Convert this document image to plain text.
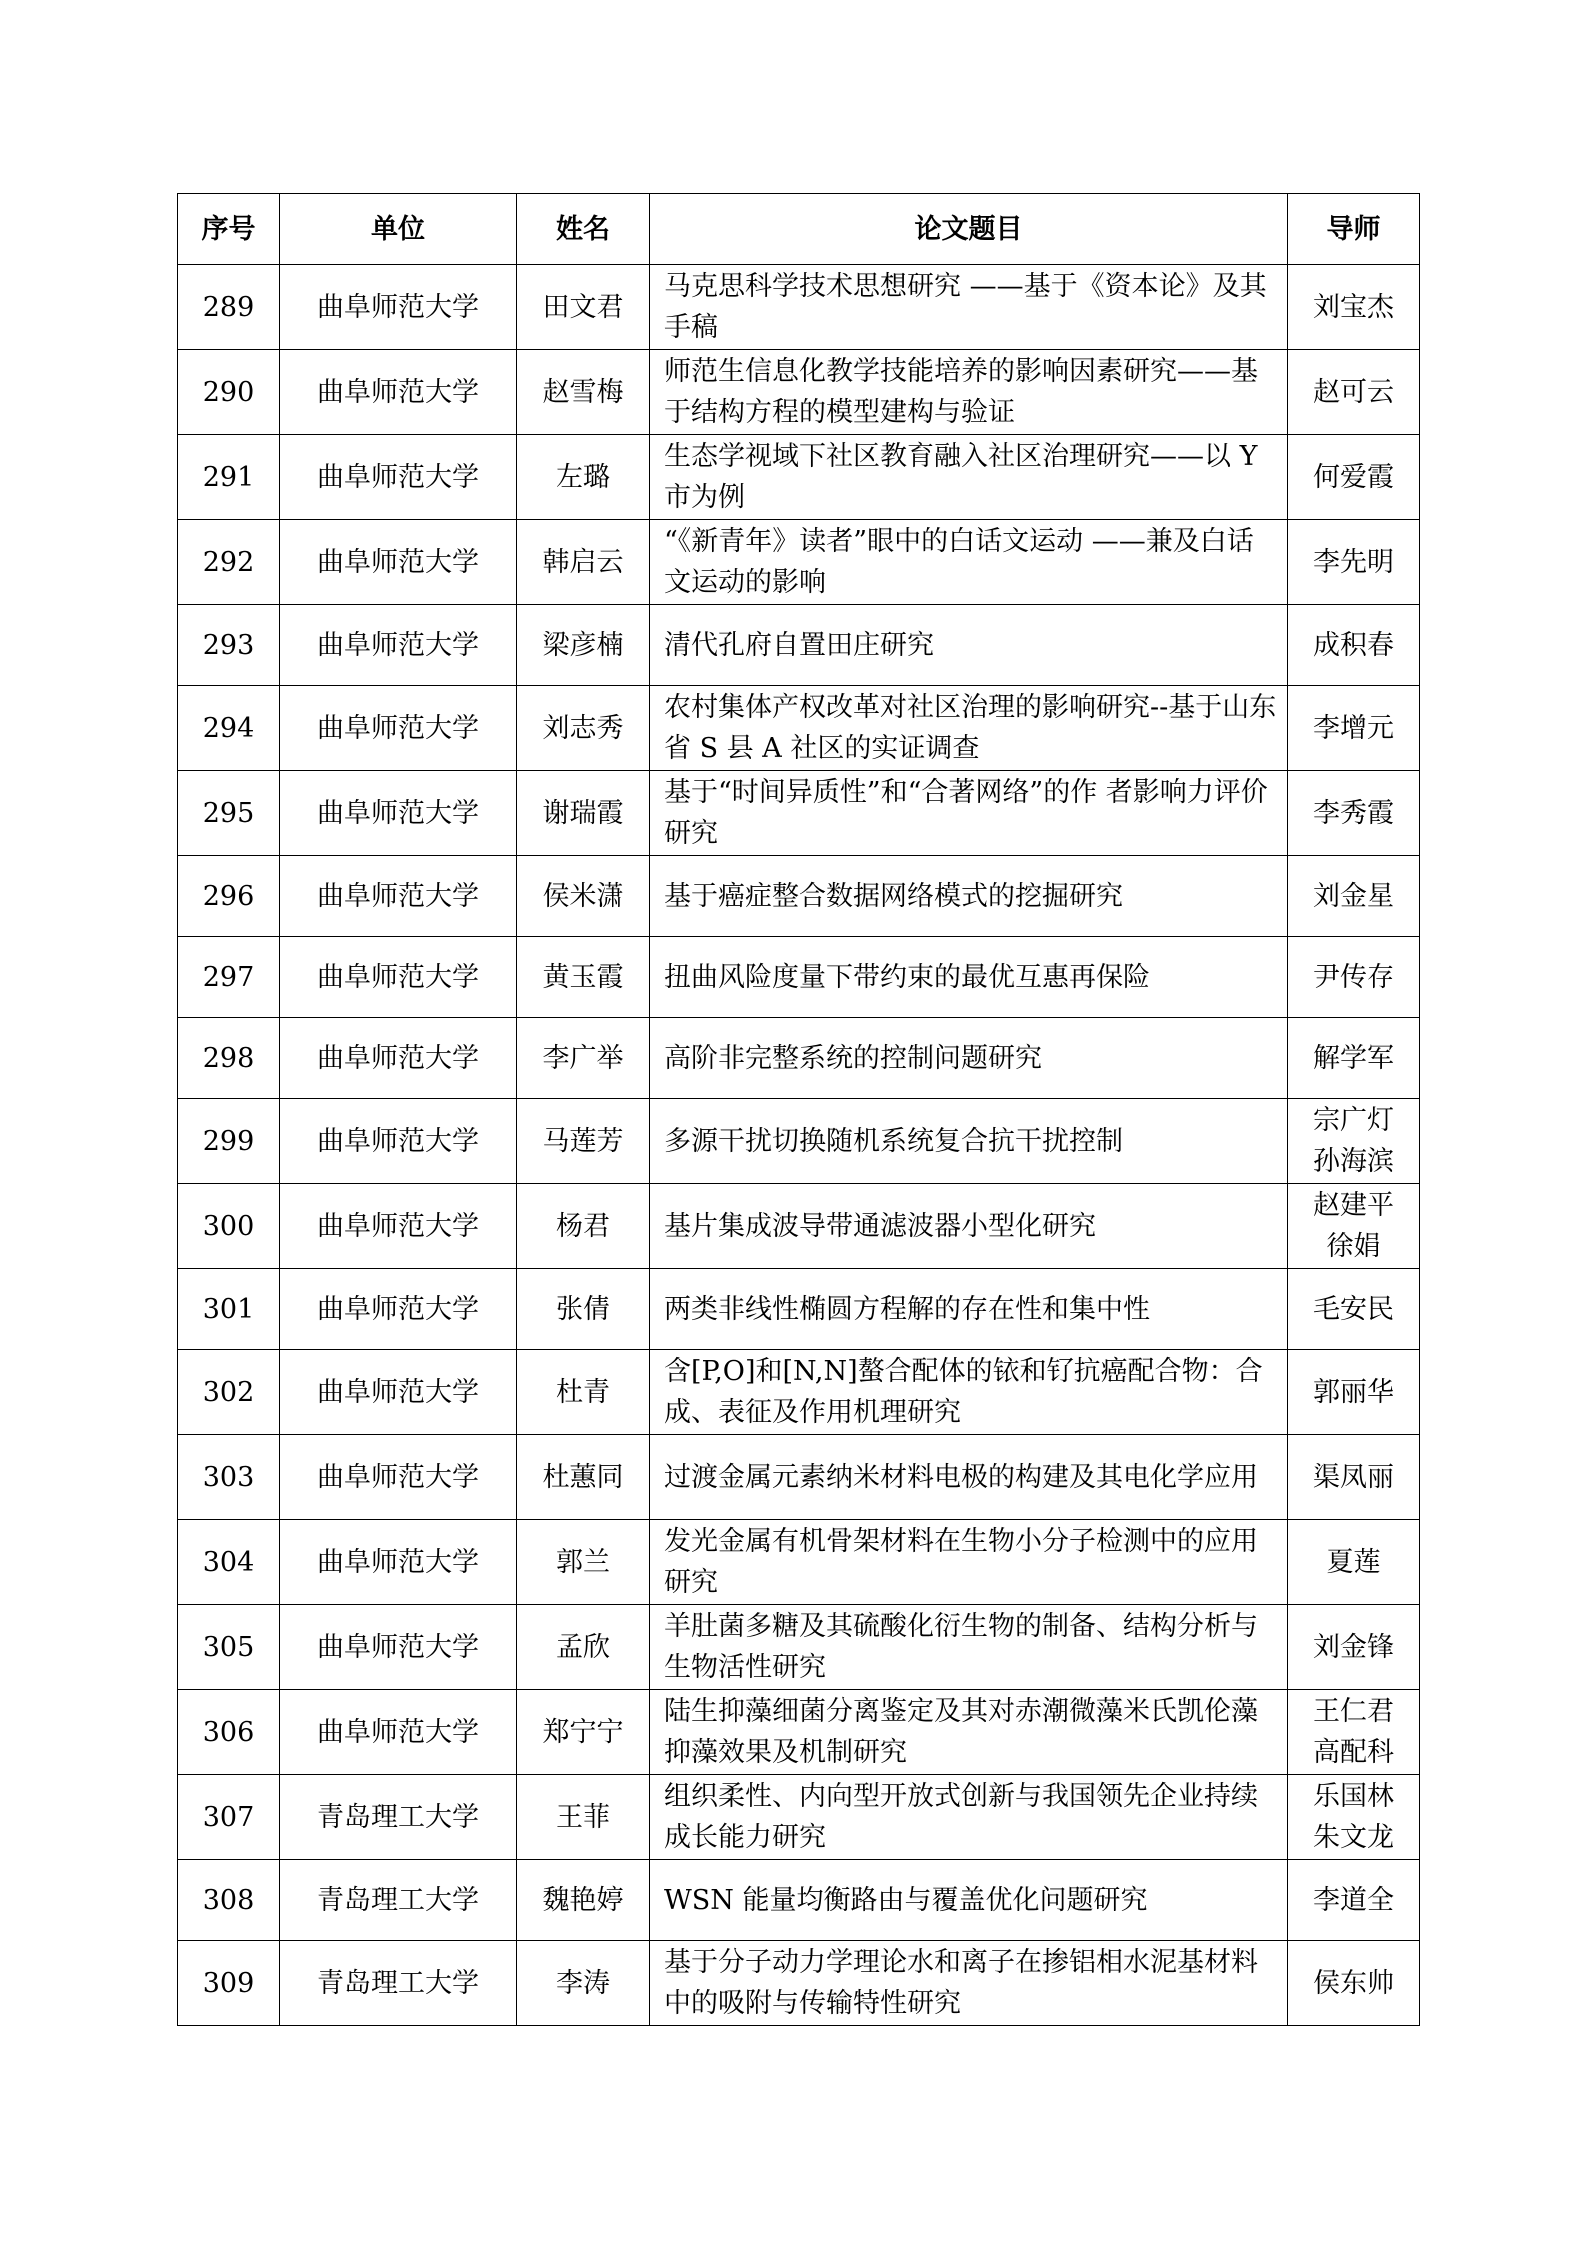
序号	单位	姓名	论文题目	导师
289	曲阜师范大学	田文君	马克思科学技术思想研究 ——基于《资本论》及其手稿	刘宝杰

290	曲阜师范大学	赵雪梅	师范生信息化教学技能培养的影响因素研究——基于结构方程的模型建构与验证	赵可云

291	曲阜师范大学	左璐	生态学视域下社区教育融入社区治理研究——以 Y 市为例	何爱霞

292	曲阜师范大学	韩启云	“《新青年》读者”眼中的白话文运动 ——兼及白话文运动的影响	李先明

293	曲阜师范大学	梁彦楠	清代孔府自置田庄研究	成积春

294	曲阜师范大学	刘志秀	农村集体产权改革对社区治理的影响研究--基于山东省 S 县 A 社区的实证调查	李增元

295	曲阜师范大学	谢瑞霞	基于“时间异质性”和“合著网络”的作 者影响力评价研究	李秀霞

296	曲阜师范大学	侯米潇	基于癌症整合数据网络模式的挖掘研究	刘金星

297	曲阜师范大学	黄玉霞	扭曲风险度量下带约束的最优互惠再保险	尹传存

298	曲阜师范大学	李广举	高阶非完整系统的控制问题研究	解学军

299	曲阜师范大学	马莲芳	多源干扰切换随机系统复合抗干扰控制	宗广灯
孙海滨

300	曲阜师范大学	杨君	基片集成波导带通滤波器小型化研究	赵建平
徐娟

301	曲阜师范大学	张倩	两类非线性椭圆方程解的存在性和集中性	毛安民

302	曲阜师范大学	杜青	含[P,O]和[N,N]螯合配体的铱和钌抗癌配合物：合成、表征及作用机理研究	郭丽华

303	曲阜师范大学	杜蕙同	过渡金属元素纳米材料电极的构建及其电化学应用	渠凤丽

304	曲阜师范大学	郭兰	发光金属有机骨架材料在生物小分子检测中的应用研究	夏莲

305	曲阜师范大学	孟欣	羊肚菌多糖及其硫酸化衍生物的制备、结构分析与生物活性研究	刘金锋

306	曲阜师范大学	郑宁宁	陆生抑藻细菌分离鉴定及其对赤潮微藻米氏凯伦藻抑藻效果及机制研究	王仁君
高配科

307	青岛理工大学	王菲	组织柔性、内向型开放式创新与我国领先企业持续成长能力研究	乐国林
朱文龙

308	青岛理工大学	魏艳婷	WSN 能量均衡路由与覆盖优化问题研究	李道全

309	青岛理工大学	李涛	基于分子动力学理论水和离子在掺铝相水泥基材料中的吸附与传输特性研究	侯东帅
